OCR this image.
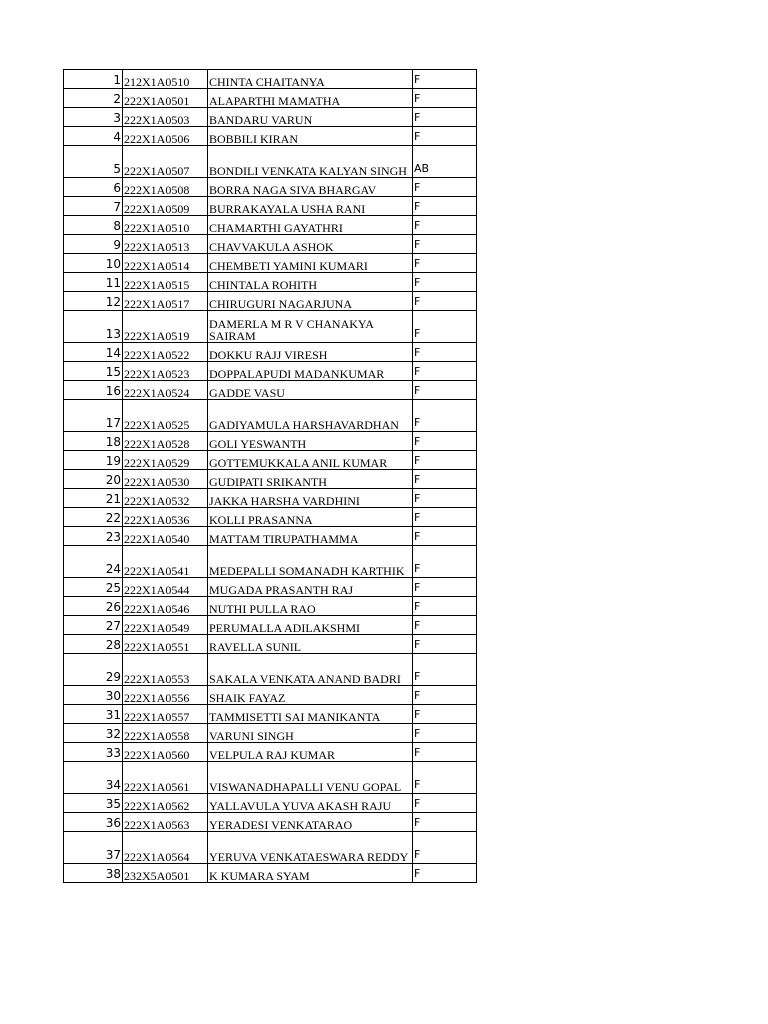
1	212X1A0510	CHINTA CHAITANYA	F
2	222X1A0501	ALAPARTHI MAMATHA	F
3	222X1A0503	BANDARU VARUN	F
4	222X1A0506	BOBBILI KIRAN	F
5	222X1A0507	BONDILI VENKATA KALYAN SINGH	AB
6	222X1A0508	BORRA NAGA SIVA BHARGAV	F
7	222X1A0509	BURRAKAYALA USHA RANI	F
8	222X1A0510	CHAMARTHI GAYATHRI	F
9	222X1A0513	CHAVVAKULA ASHOK	F
10	222X1A0514	CHEMBETI YAMINI KUMARI	F
11	222X1A0515	CHINTALA ROHITH	F
12	222X1A0517	CHIRUGURI NAGARJUNA	F
13	222X1A0519	DAMERLA M R V CHANAKYA SAIRAM	F
14	222X1A0522	DOKKU RAJJ VIRESH	F
15	222X1A0523	DOPPALAPUDI MADANKUMAR	F
16	222X1A0524	GADDE VASU	F
17	222X1A0525	GADIYAMULA HARSHAVARDHAN	F
18	222X1A0528	GOLI YESWANTH	F
19	222X1A0529	GOTTEMUKKALA ANIL KUMAR	F
20	222X1A0530	GUDIPATI SRIKANTH	F
21	222X1A0532	JAKKA HARSHA VARDHINI	F
22	222X1A0536	KOLLI PRASANNA	F
23	222X1A0540	MATTAM TIRUPATHAMMA	F
24	222X1A0541	MEDEPALLI SOMANADH KARTHIK	F
25	222X1A0544	MUGADA PRASANTH RAJ	F
26	222X1A0546	NUTHI PULLA RAO	F
27	222X1A0549	PERUMALLA ADILAKSHMI	F
28	222X1A0551	RAVELLA SUNIL	F
29	222X1A0553	SAKALA VENKATA ANAND BADRI	F
30	222X1A0556	SHAIK FAYAZ	F
31	222X1A0557	TAMMISETTI SAI MANIKANTA	F
32	222X1A0558	VARUNI SINGH	F
33	222X1A0560	VELPULA RAJ KUMAR	F
34	222X1A0561	VISWANADHAPALLI VENU GOPAL	F
35	222X1A0562	YALLAVULA YUVA AKASH RAJU	F
36	222X1A0563	YERADESI VENKATARAO	F
37	222X1A0564	YERUVA VENKATAESWARA REDDY	F
38	232X5A0501	K KUMARA SYAM	F
